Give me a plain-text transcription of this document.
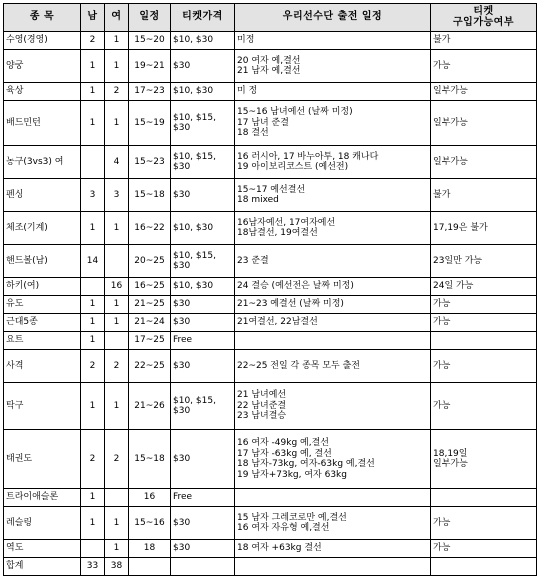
종 목	남	여	일정	티켓가격	우리선수단 출전 일정	티켓
구입가능여부
수영(경영)	2	1	15~20	$10, $30	미정	불가
양궁	1	1	19~21	$30	20 여자 예,결선
21 남자 예,결선	가능
육상	1	2	17~23	$10, $30	미 정	일부가능
배드민턴	1	1	15~19	$10, $15,
$30	15~16 남녀예선 (날짜 미정)
17 남녀 준결
18 결선	일부가능
농구(3vs3) 여		4	15~23	$10, $15,
$30	16 러시아, 17 바누아투, 18 캐나다
19 아이보리코스트 (예선전)	일부가능
펜싱	3	3	15~18	$30	15~17 예선결선
18 mixed	불가
체조(기계)	1	1	16~22	$10, $30	16남자예선, 17여자예선
18남결선, 19여결선	17,19은 불가
핸드볼(남)	14		20~25	$10, $15,
$30	23 준결	23일만 가능
하키(여)		16	16~25	$10, $30	24 결승 (예선전은 날짜 미정)	24일 가능
유도	1	1	21~25	$30	21~23 예결선 (날짜 미정)	가능
근대5종	1	1	21~24	$30	21여결선, 22남결선	가능
요트	1		17~25	Free		
사격	2	2	22~25	$30	22~25 전일 각 종목 모두 출전	가능
탁구	1	1	21~26	$10, $15,
$30	21 남녀예선
22 남녀준결
23 남녀결승	가능
태권도	2	2	15~18	$30	16 여자 -49kg 예,결선
17 남자 -63kg 예, 결선
18 남자-73kg, 여자-63kg 예,결선
19 남자+73kg, 여자 63kg	18,19일
일부가능
트라이애슬론	1		16	Free		
레슬링	1	1	15~16	$30	15 남자 그레코로만 예,결선
16 여자 자유형 예,결선	가능
역도		1	18	$30	18 여자 +63kg 결선	가능
합계	33	38				
